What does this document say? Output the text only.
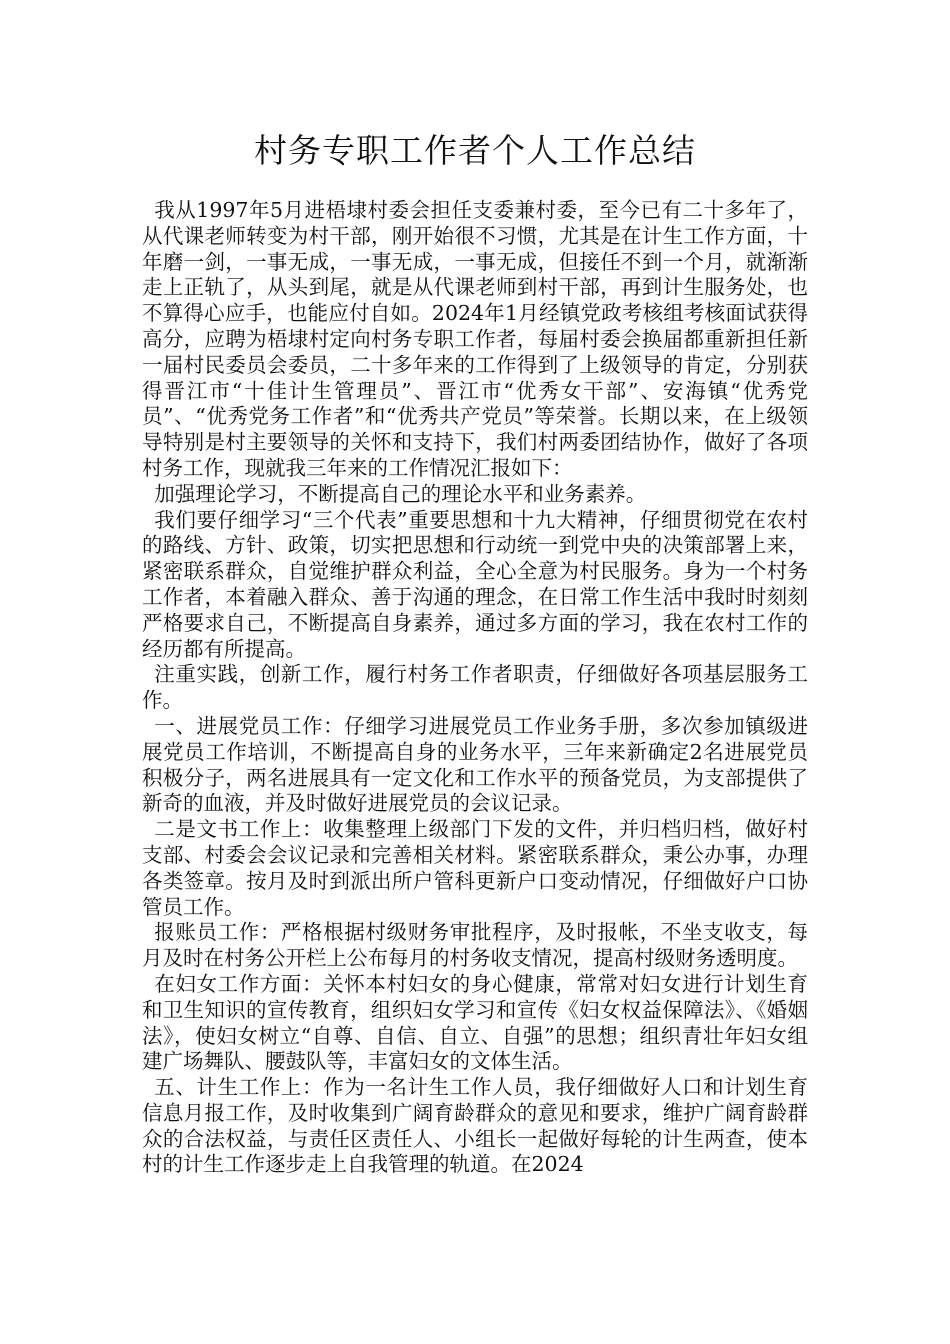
村务专职工作者个人工作总结

我从1997年5月进梧埭村委会担任支委兼村委，至今已有二十多年了，从代课老师转变为村干部，刚开始很不习惯，尤其是在计生工作方面，十年磨一剑，一事无成，一事无成，一事无成，但接任不到一个月，就渐渐走上正轨了，从头到尾，就是从代课老师到村干部，再到计生服务处，也不算得心应手，也能应付自如。2024年1月经镇党政考核组考核面试获得高分，应聘为梧埭村定向村务专职工作者，每届村委会换届都重新担任新一届村民委员会委员，二十多年来的工作得到了上级领导的肯定，分别获得晋江市“十佳计生管理员”、晋江市“优秀女干部”、安海镇“优秀党员”、“优秀党务工作者”和“优秀共产党员”等荣誉。长期以来，在上级领导特别是村主要领导的关怀和支持下，我们村两委团结协作，做好了各项村务工作，现就我三年来的工作情况汇报如下：

加强理论学习，不断提高自己的理论水平和业务素养。

我们要仔细学习“三个代表”重要思想和十九大精神，仔细贯彻党在农村的路线、方针、政策，切实把思想和行动统一到党中央的决策部署上来，紧密联系群众，自觉维护群众利益，全心全意为村民服务。身为一个村务工作者，本着融入群众、善于沟通的理念，在日常工作生活中我时时刻刻严格要求自己，不断提高自身素养，通过多方面的学习，我在农村工作的经历都有所提高。

注重实践，创新工作，履行村务工作者职责，仔细做好各项基层服务工作。

一、进展党员工作：仔细学习进展党员工作业务手册，多次参加镇级进展党员工作培训，不断提高自身的业务水平，三年来新确定2名进展党员积极分子，两名进展具有一定文化和工作水平的预备党员，为支部提供了新奇的血液，并及时做好进展党员的会议记录。

二是文书工作上：收集整理上级部门下发的文件，并归档归档，做好村支部、村委会会议记录和完善相关材料。紧密联系群众，秉公办事，办理各类签章。按月及时到派出所户管科更新户口变动情况，仔细做好户口协管员工作。

报账员工作：严格根据村级财务审批程序，及时报帐，不坐支收支，每月及时在村务公开栏上公布每月的村务收支情况，提高村级财务透明度。

在妇女工作方面：关怀本村妇女的身心健康，常常对妇女进行计划生育和卫生知识的宣传教育，组织妇女学习和宣传《妇女权益保障法》、《婚姻法》，使妇女树立“自尊、自信、自立、自强”的思想；组织青壮年妇女组建广场舞队、腰鼓队等，丰富妇女的文体生活。

五、计生工作上：作为一名计生工作人员，我仔细做好人口和计划生育信息月报工作，及时收集到广阔育龄群众的意见和要求，维护广阔育龄群众的合法权益，与责任区责任人、小组长一起做好每轮的计生两查，使本村的计生工作逐步走上自我管理的轨道。在2024
